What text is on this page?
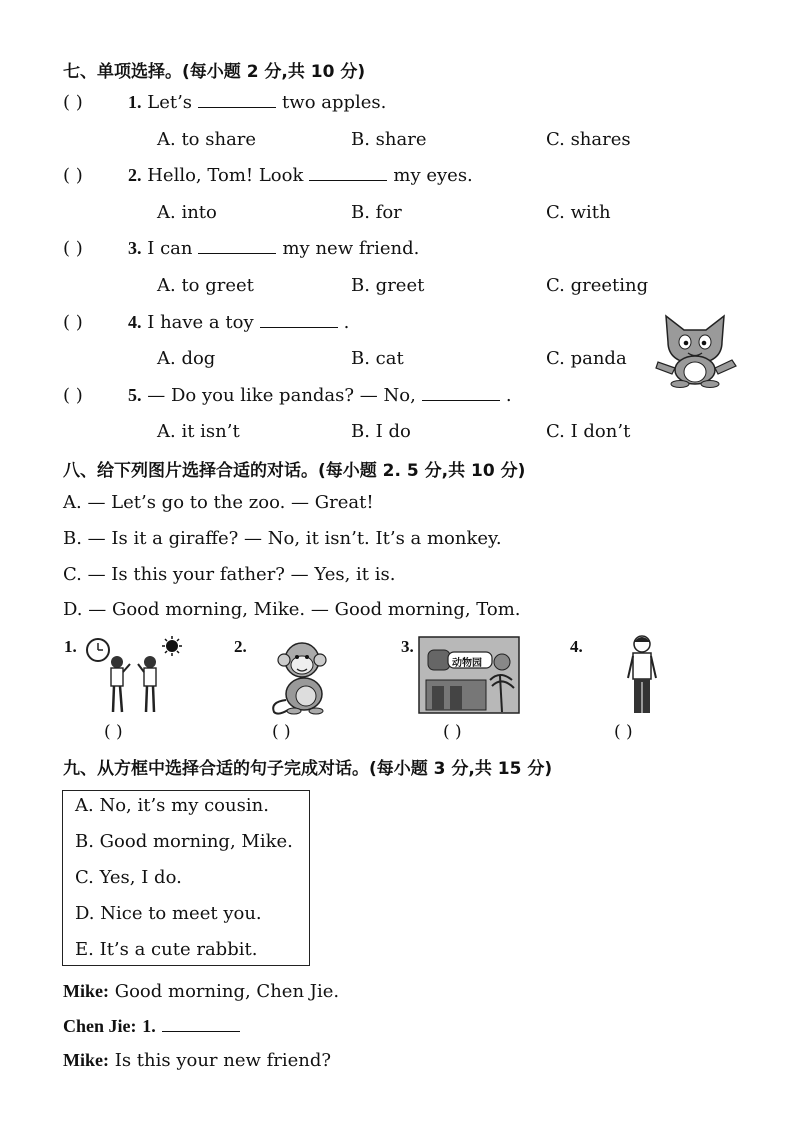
七、单项选择。(每小题 2 分,共 10 分)
( )	1. Let’s	two apples.
A. to share	B. share	C. shares
( )	2. Hello, Tom! Look	my eyes.
A. into	B. for	C. with
( )	3. I can	my new friend.
A. to greet	B. greet	C. greeting
( )	4. I have a toy	.
A. dog	B. cat	C. panda
( )	5. — Do you like pandas? — No,	.
A. it isn’t	B. I do	C. I don’t
八、给下列图片选择合适的对话。(每小题 2. 5 分,共 10 分)
A. — Let’s go to the zoo. — Great!
B. — Is it a giraffe? — No, it isn’t. It’s a monkey.
C. — Is this your father? — Yes, it is.
D. — Good morning, Mike. — Good morning, Tom.
1.
( )
2.
( )
3.
动物园
( )
4.
( )
九、从方框中选择合适的句子完成对话。(每小题 3 分,共 15 分)
A. No, it’s my cousin.
B. Good morning, Mike.
C. Yes, I do.
D. Nice to meet you.
E. It’s a cute rabbit.
Mike: Good morning, Chen Jie.
Chen Jie: 1.
Mike: Is this your new friend?
